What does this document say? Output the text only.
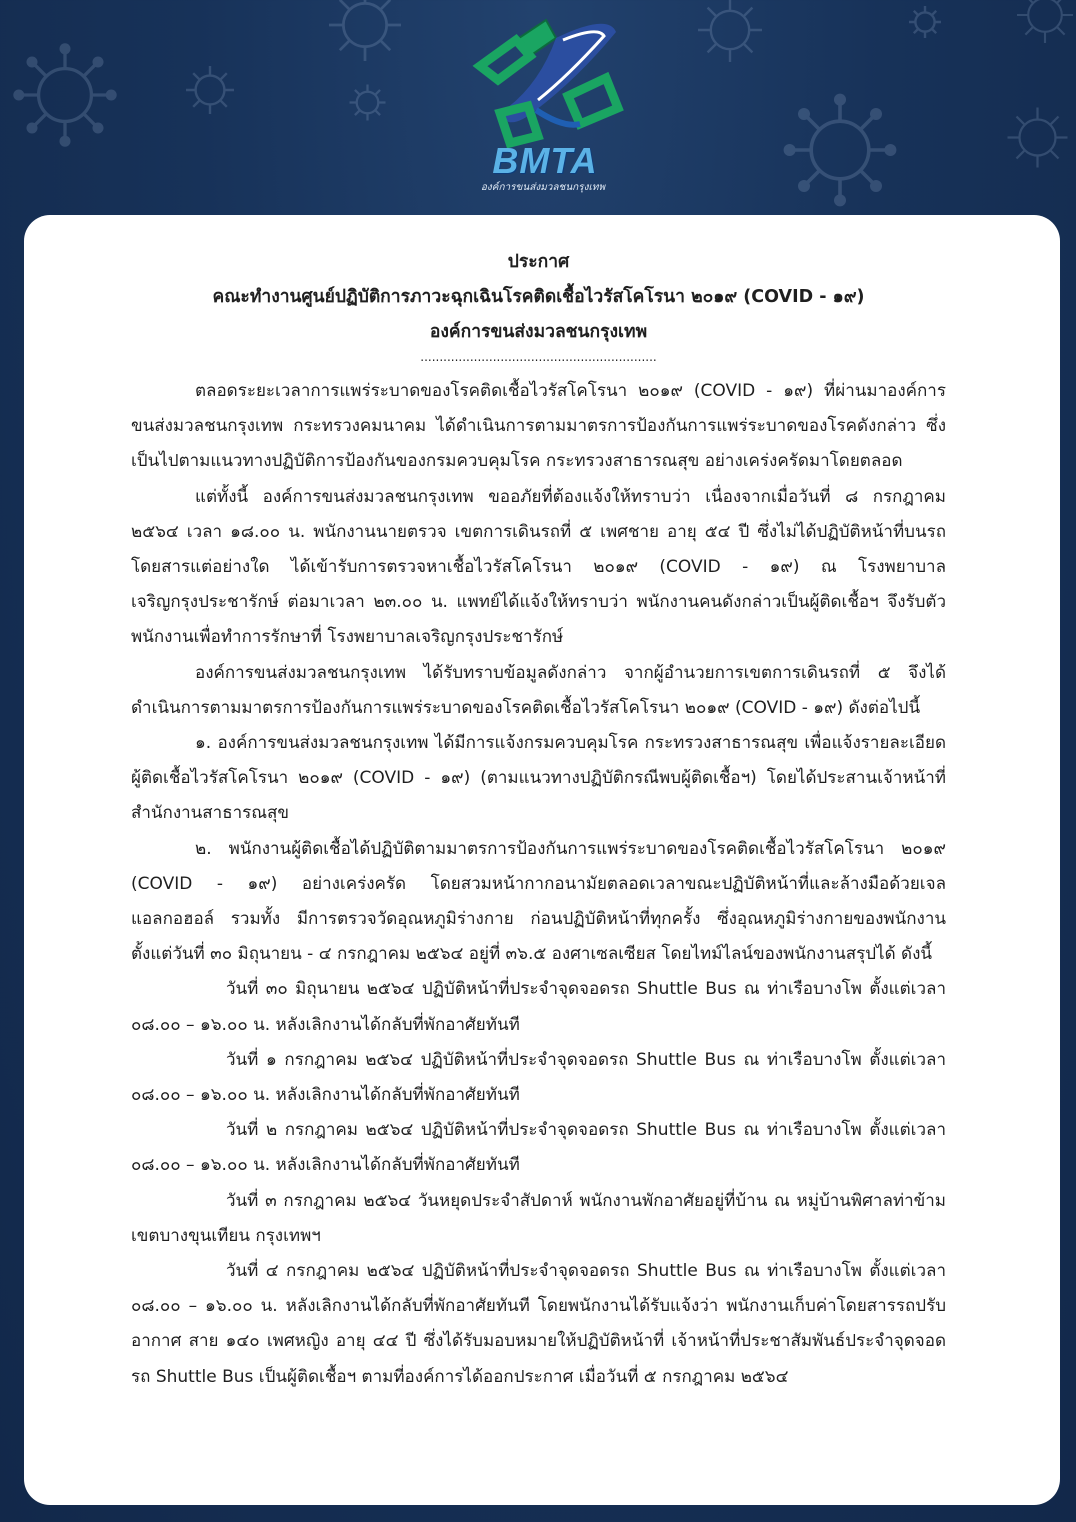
BMTA
องค์การขนส่งมวลชนกรุงเทพ
ประกาศ
คณะทำงานศูนย์ปฏิบัติการภาวะฉุกเฉินโรคติดเชื้อไวรัสโคโรนา ๒๐๑๙ (COVID - ๑๙)
องค์การขนส่งมวลชนกรุงเทพ
..............................................................

ตลอดระยะเวลาการแพร่ระบาดของโรคติดเชื้อไวรัสโคโรนา ๒๐๑๙ (COVID - ๑๙) ที่ผ่านมาองค์การขนส่งมวลชนกรุงเทพ กระทรวงคมนาคม ได้ดำเนินการตามมาตรการป้องกันการแพร่ระบาดของโรคดังกล่าว ซึ่งเป็นไปตามแนวทางปฏิบัติการป้องกันของกรมควบคุมโรค กระทรวงสาธารณสุข อย่างเคร่งครัดมาโดยตลอด

แต่ทั้งนี้ องค์การขนส่งมวลชนกรุงเทพ ขออภัยที่ต้องแจ้งให้ทราบว่า เนื่องจากเมื่อวันที่ ๘ กรกฎาคม ๒๕๖๔ เวลา ๑๘.๐๐ น. พนักงานนายตรวจ เขตการเดินรถที่ ๕ เพศชาย อายุ ๕๔ ปี ซึ่งไม่ได้ปฏิบัติหน้าที่บนรถโดยสารแต่อย่างใด ได้เข้ารับการตรวจหาเชื้อไวรัสโคโรนา ๒๐๑๙ (COVID - ๑๙) ณ โรงพยาบาลเจริญกรุงประชารักษ์ ต่อมาเวลา ๒๓.๐๐ น. แพทย์ได้แจ้งให้ทราบว่า พนักงานคนดังกล่าวเป็นผู้ติดเชื้อฯ จึงรับตัวพนักงานเพื่อทำการรักษาที่ โรงพยาบาลเจริญกรุงประชารักษ์

องค์การขนส่งมวลชนกรุงเทพ ได้รับทราบข้อมูลดังกล่าว จากผู้อำนวยการเขตการเดินรถที่ ๕ จึงได้ดำเนินการตามมาตรการป้องกันการแพร่ระบาดของโรคติดเชื้อไวรัสโคโรนา ๒๐๑๙ (COVID - ๑๙) ดังต่อไปนี้

๑. องค์การขนส่งมวลชนกรุงเทพ ได้มีการแจ้งกรมควบคุมโรค กระทรวงสาธารณสุข เพื่อแจ้งรายละเอียดผู้ติดเชื้อไวรัสโคโรนา ๒๐๑๙ (COVID - ๑๙) (ตามแนวทางปฏิบัติกรณีพบผู้ติดเชื้อฯ) โดยได้ประสานเจ้าหน้าที่สำนักงานสาธารณสุข

๒. พนักงานผู้ติดเชื้อได้ปฏิบัติตามมาตรการป้องกันการแพร่ระบาดของโรคติดเชื้อไวรัสโคโรนา ๒๐๑๙ (COVID - ๑๙) อย่างเคร่งครัด โดยสวมหน้ากากอนามัยตลอดเวลาขณะปฏิบัติหน้าที่และล้างมือด้วยเจลแอลกอฮอล์ รวมทั้ง มีการตรวจวัดอุณหภูมิร่างกาย ก่อนปฏิบัติหน้าที่ทุกครั้ง ซึ่งอุณหภูมิร่างกายของพนักงาน ตั้งแต่วันที่ ๓๐ มิถุนายน - ๔ กรกฎาคม ๒๕๖๔ อยู่ที่ ๓๖.๕ องศาเซลเซียส โดยไทม์ไลน์ของพนักงานสรุปได้ ดังนี้

วันที่ ๓๐ มิถุนายน ๒๕๖๔ ปฏิบัติหน้าที่ประจำจุดจอดรถ Shuttle Bus ณ ท่าเรือบางโพ ตั้งแต่เวลา ๐๘.๐๐ – ๑๖.๐๐ น. หลังเลิกงานได้กลับที่พักอาศัยทันที

วันที่ ๑ กรกฎาคม ๒๕๖๔ ปฏิบัติหน้าที่ประจำจุดจอดรถ Shuttle Bus ณ ท่าเรือบางโพ ตั้งแต่เวลา ๐๘.๐๐ – ๑๖.๐๐ น. หลังเลิกงานได้กลับที่พักอาศัยทันที

วันที่ ๒ กรกฎาคม ๒๕๖๔ ปฏิบัติหน้าที่ประจำจุดจอดรถ Shuttle Bus ณ ท่าเรือบางโพ ตั้งแต่เวลา ๐๘.๐๐ – ๑๖.๐๐ น. หลังเลิกงานได้กลับที่พักอาศัยทันที

วันที่ ๓ กรกฎาคม ๒๕๖๔ วันหยุดประจำสัปดาห์ พนักงานพักอาศัยอยู่ที่บ้าน ณ หมู่บ้านพิศาลท่าข้าม เขตบางขุนเทียน กรุงเทพฯ

วันที่ ๔ กรกฎาคม ๒๕๖๔ ปฏิบัติหน้าที่ประจำจุดจอดรถ Shuttle Bus ณ ท่าเรือบางโพ ตั้งแต่เวลา ๐๘.๐๐ – ๑๖.๐๐ น. หลังเลิกงานได้กลับที่พักอาศัยทันที โดยพนักงานได้รับแจ้งว่า พนักงานเก็บค่าโดยสารรถปรับอากาศ สาย ๑๔๐ เพศหญิง อายุ ๔๔ ปี ซึ่งได้รับมอบหมายให้ปฏิบัติหน้าที่ เจ้าหน้าที่ประชาสัมพันธ์ประจำจุดจอดรถ Shuttle Bus เป็นผู้ติดเชื้อฯ ตามที่องค์การได้ออกประกาศ เมื่อวันที่ ๕ กรกฎาคม ๒๕๖๔
